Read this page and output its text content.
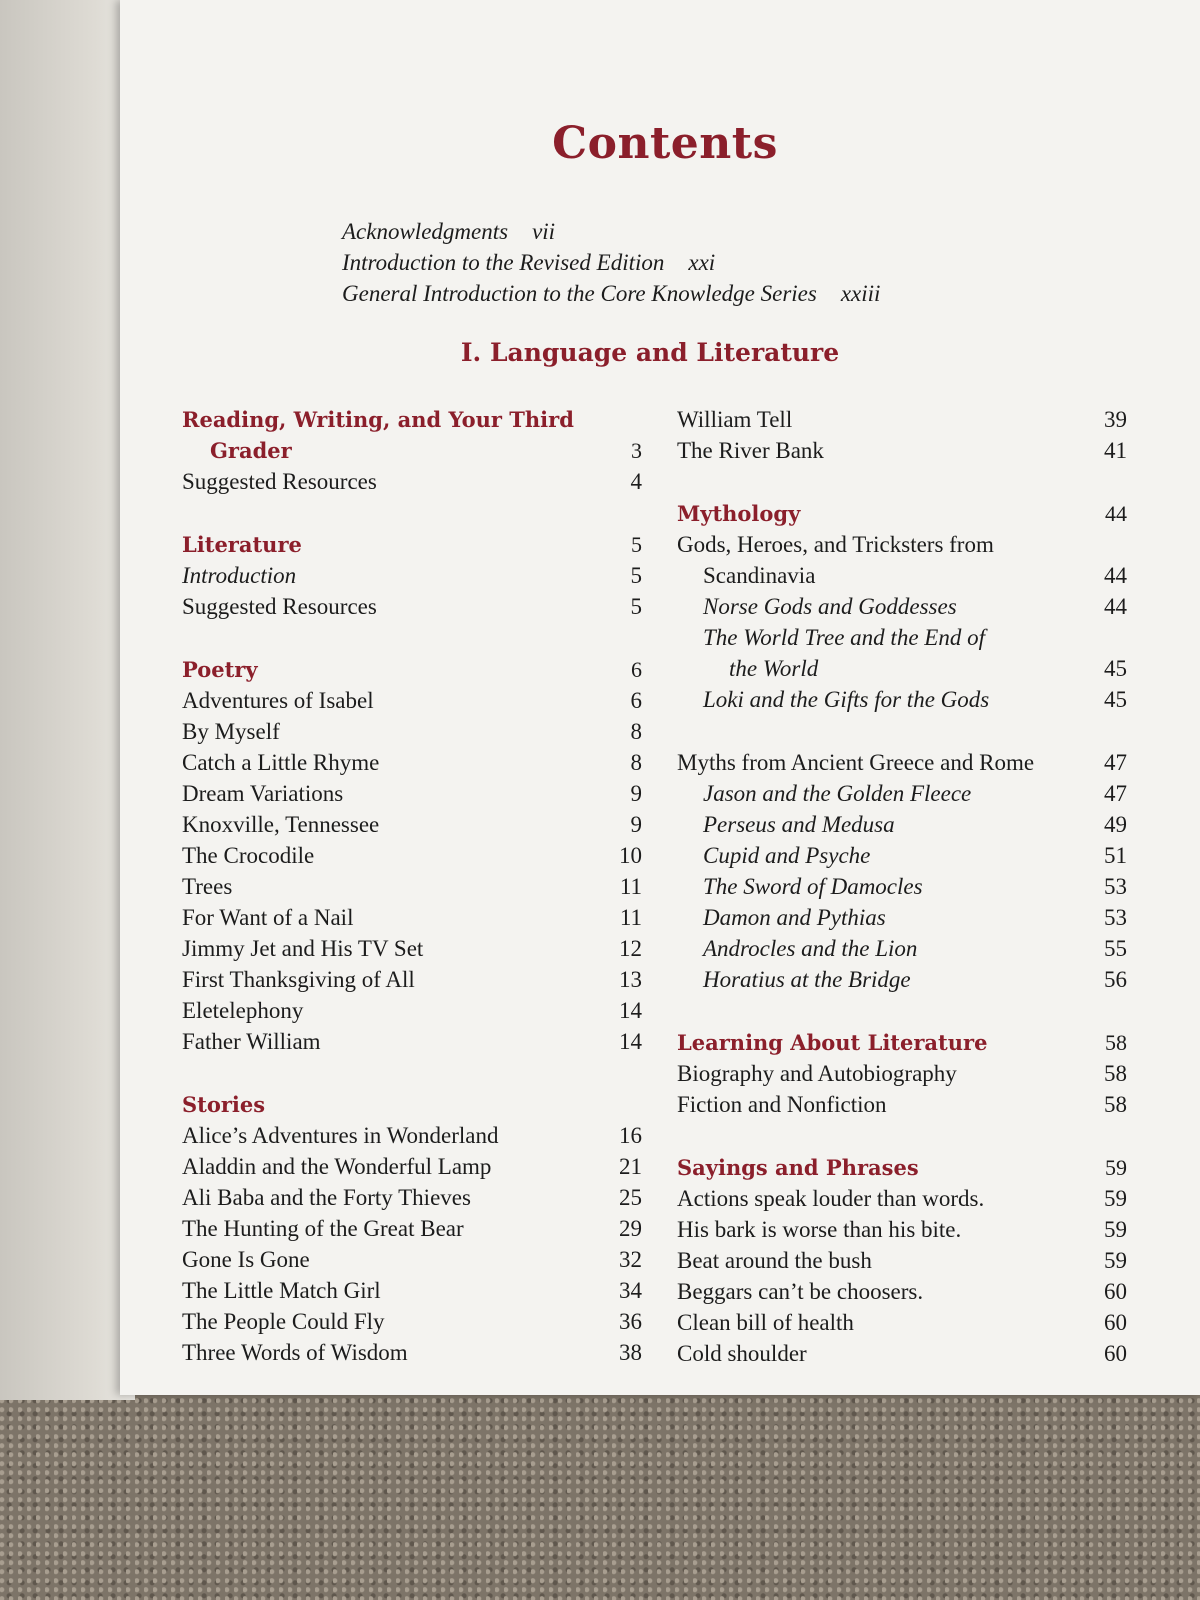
Contents
Acknowledgments vii
Introduction to the Revised Edition xxi
General Introduction to the Core Knowledge Series xxiii
I. Language and Literature
Reading, Writing, and Your Third
Grader	3
Suggested Resources	4
Literature	5
Introduction	5
Suggested Resources	5
Poetry	6
Adventures of Isabel	6
By Myself	8
Catch a Little Rhyme	8
Dream Variations	9
Knoxville, Tennessee	9
The Crocodile	10
Trees	11
For Want of a Nail	11
Jimmy Jet and His TV Set	12
First Thanksgiving of All	13
Eletelephony	14
Father William	14
Stories
Alice’s Adventures in Wonderland	16
Aladdin and the Wonderful Lamp	21
Ali Baba and the Forty Thieves	25
The Hunting of the Great Bear	29
Gone Is Gone	32
The Little Match Girl	34
The People Could Fly	36
Three Words of Wisdom	38
William Tell	39
The River Bank	41
Mythology	44
Gods, Heroes, and Tricksters from
Scandinavia	44
Norse Gods and Goddesses	44
The World Tree and the End of
the World	45
Loki and the Gifts for the Gods	45
Myths from Ancient Greece and Rome	47
Jason and the Golden Fleece	47
Perseus and Medusa	49
Cupid and Psyche	51
The Sword of Damocles	53
Damon and Pythias	53
Androcles and the Lion	55
Horatius at the Bridge	56
Learning About Literature	58
Biography and Autobiography	58
Fiction and Nonfiction	58
Sayings and Phrases	59
Actions speak louder than words.	59
His bark is worse than his bite.	59
Beat around the bush	59
Beggars can’t be choosers.	60
Clean bill of health	60
Cold shoulder	60
